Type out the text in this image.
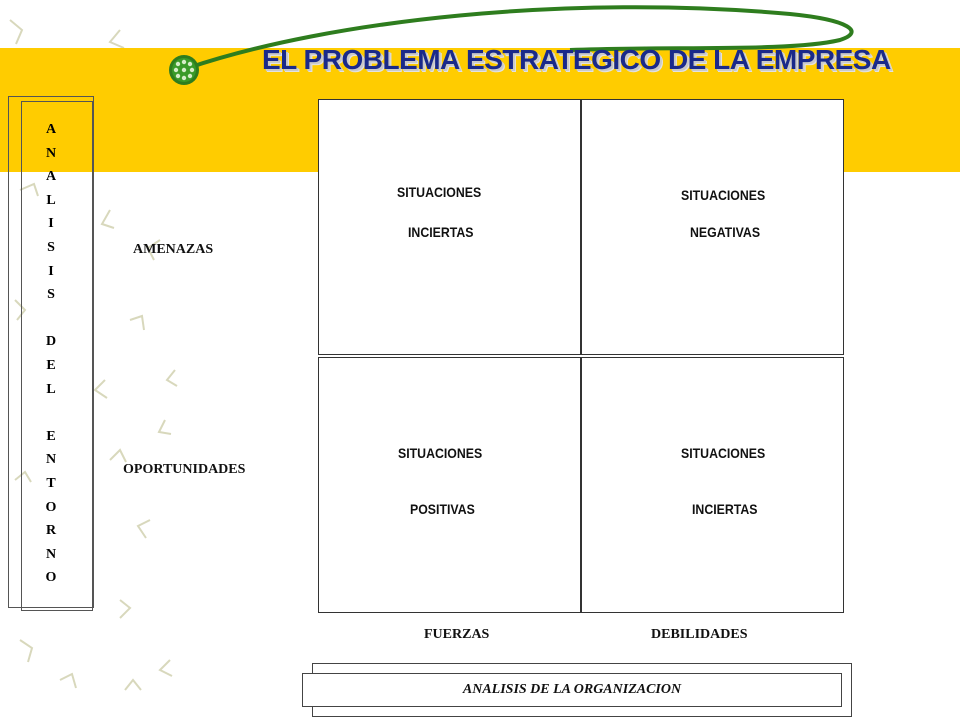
EL PROBLEMA ESTRATEGICO DE LA EMPRESA
A
N
A
L
I
S
I
S
D
E
L
E
N
T
O
R
N
O
SITUACIONES
INCIERTAS
SITUACIONES
NEGATIVAS
SITUACIONES
POSITIVAS
SITUACIONES
INCIERTAS
AMENAZAS
OPORTUNIDADES
FUERZAS	DEBILIDADES
ANALISIS DE LA ORGANIZACION
